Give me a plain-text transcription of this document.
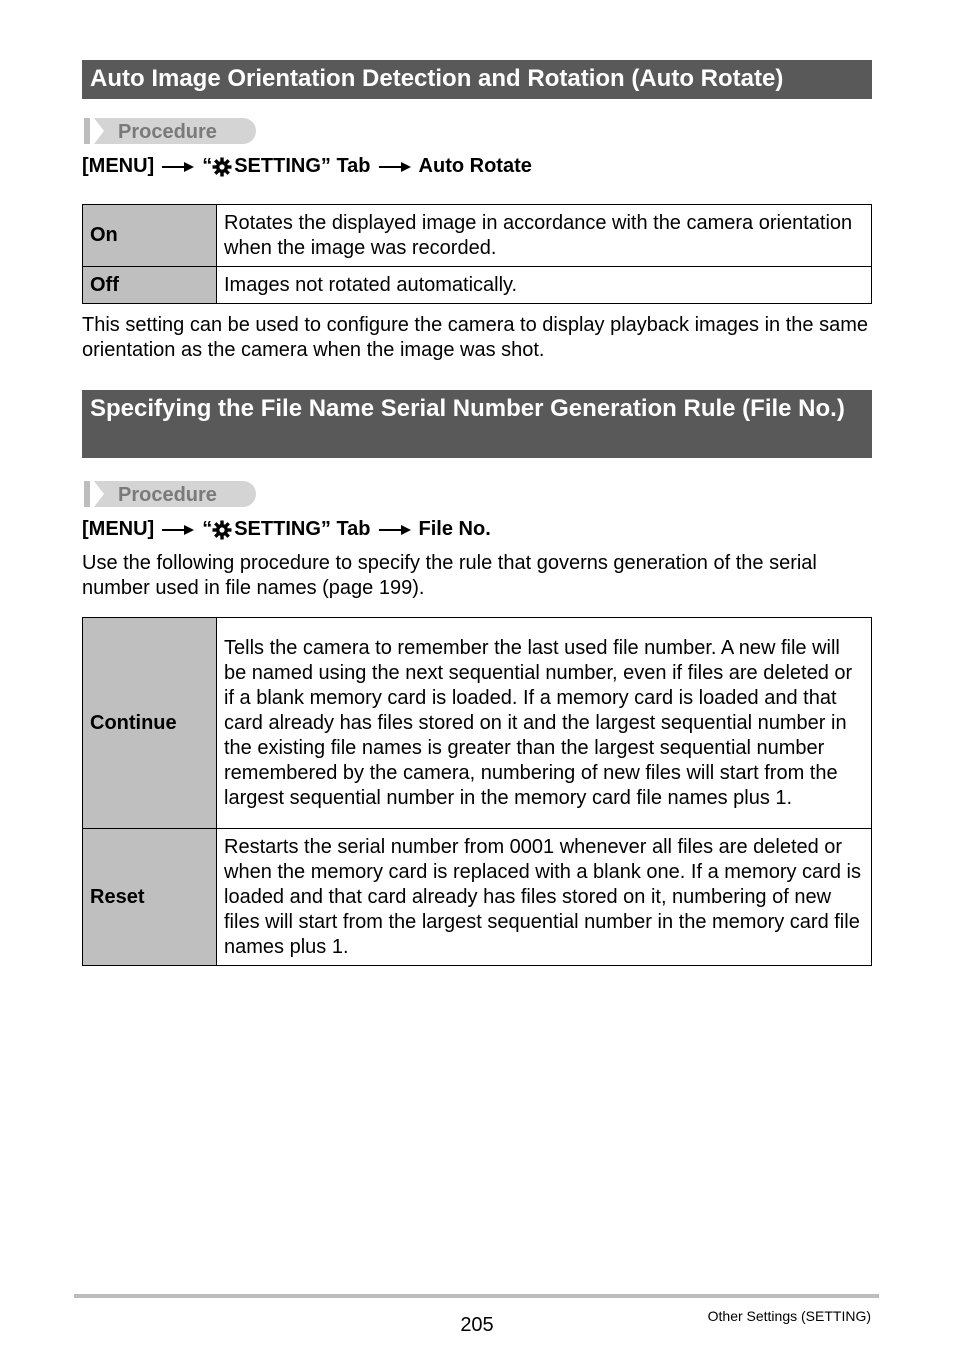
Auto Image Orientation Detection and Rotation (Auto Rotate)
Procedure
[MENU] “ SETTING” Tab Auto Rotate
On	Rotates the displayed image in accordance with the camera orientation when the image was recorded.
Off	Images not rotated automatically.
This setting can be used to configure the camera to display playback images in the same orientation as the camera when the image was shot.
Specifying the File Name Serial Number Generation Rule (File No.)
Procedure
[MENU] “ SETTING” Tab File No.
Use the following procedure to specify the rule that governs generation of the serial number used in file names (page 199).
Continue	Tells the camera to remember the last used file number. A new file will be named using the next sequential number, even if files are deleted or if a blank memory card is loaded. If a memory card is loaded and that card already has files stored on it and the largest sequential number in the existing file names is greater than the largest sequential number remembered by the camera, numbering of new files will start from the largest sequential number in the memory card file names plus 1.
Reset	Restarts the serial number from 0001 whenever all files are deleted or when the memory card is replaced with a blank one. If a memory card is loaded and that card already has files stored on it, numbering of new files will start from the largest sequential number in the memory card file names plus 1.
205	Other Settings (SETTING)
